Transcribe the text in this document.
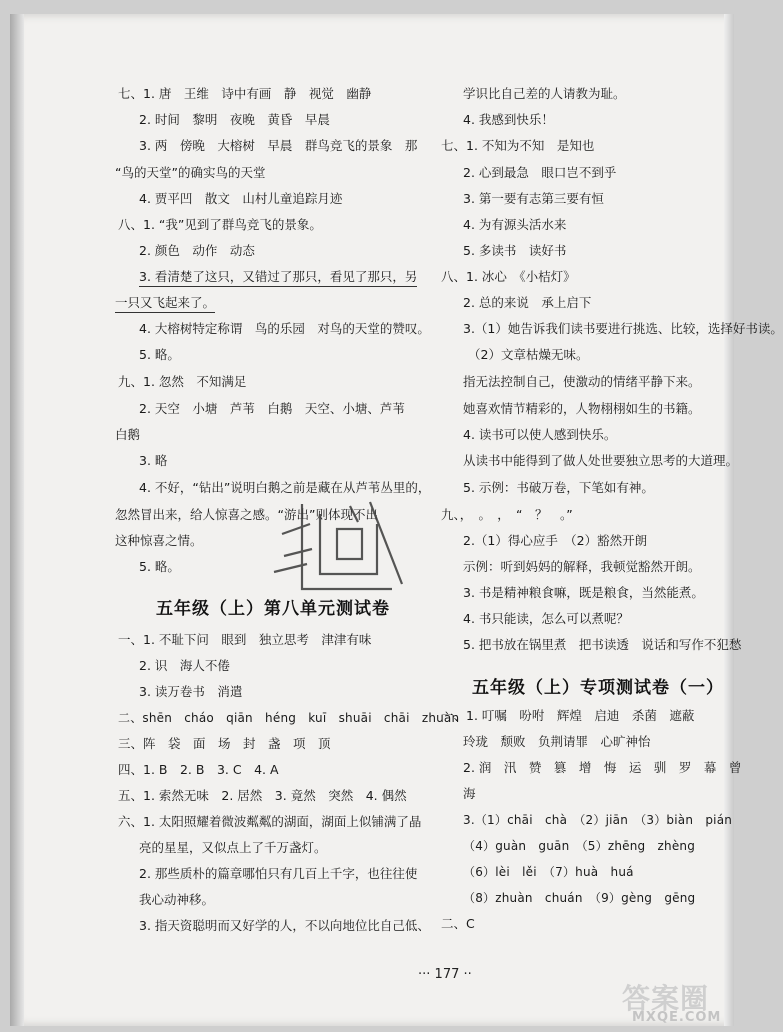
七、1. 唐　王维　诗中有画　静　视觉　幽静
2. 时间　黎明　夜晚　黄昏　早晨
3. 两　傍晚　大榕树　早晨　群鸟竞飞的景象　那
“鸟的天堂”的确实鸟的天堂
4. 贾平凹　散文　山村儿童追踪月迹
八、1. “我”见到了群鸟竞飞的景象。
2. 颜色　动作　动态
3. 看清楚了这只，又错过了那只，看见了那只，另
一只又飞起来了。
4. 大榕树特定称谓　鸟的乐园　对鸟的天堂的赞叹。
5. 略。
九、1. 忽然　不知满足
2. 天空　小塘　芦苇　白鹅　天空、小塘、芦苇
白鹅
3. 略
4. 不好，“钻出”说明白鹅之前是藏在从芦苇丛里的，
忽然冒出来，给人惊喜之感。“游出”则体现不出
这种惊喜之情。
5. 略。
五年级（上）第八单元测试卷
一、1. 不耻下问　眼到　独立思考　津津有味
2. 识　海人不倦
3. 读万卷书　消遣
二、shēn　cháo　qiān　héng　kuī　shuāi　chāi　zhuàn
三、阵　袋　面　场　封　盏　项　顶
四、1. B　2. B　3. C　4. A
五、1. 索然无味　2. 居然　3. 竟然　突然　4. 偶然
六、1. 太阳照耀着微波粼粼的湖面，湖面上似铺满了晶
亮的星星，又似点上了千万盏灯。
2. 那些质朴的篇章哪怕只有几百上千字，也往往使
我心动神移。
3. 指天资聪明而又好学的人，不以向地位比自己低、
学识比自己差的人请教为耻。
4. 我感到快乐！
七、1. 不知为不知　是知也
2. 心到最急　眼口岂不到乎
3. 第一要有志第三要有恒
4. 为有源头活水来
5. 多读书　读好书
八、1. 冰心　《小桔灯》
2. 总的来说　承上启下
3.（1）她告诉我们读书要进行挑选、比较，选择好书读。
（2）文章枯燥无味。
指无法控制自己，使激动的情绪平静下来。
她喜欢情节精彩的，人物栩栩如生的书籍。
4. 读书可以使人感到快乐。
从读书中能得到了做人处世要独立思考的大道理。
5. 示例：书破万卷，下笔如有神。
九、，　。　，　“　？　。”
2.（1）得心应手　（2）豁然开朗
示例：听到妈妈的解释，我顿觉豁然开朗。
3. 书是精神粮食嘛，既是粮食，当然能煮。
4. 书只能读，怎么可以煮呢？
5. 把书放在锅里煮　把书读透　说话和写作不犯愁
五年级（上）专项测试卷（一）
一、1. 叮嘱　吩咐　辉煌　启迪　杀菌　遮蔽
玲珑　颓败　负荆请罪　心旷神怡
2. 润　汛　赞　篡　增　悔　运　驯　罗　幕　曾
海
3.（1）chāi　chà　（2）jiān　（3）biàn　pián
（4）guàn　guān　（5）zhēng　zhèng
（6）lèi　lěi　（7）huà　huá
（8）zhuàn　chuán　（9）gèng　gēng
二、C
··· 177 ··
答案圈
MXQE.COM
